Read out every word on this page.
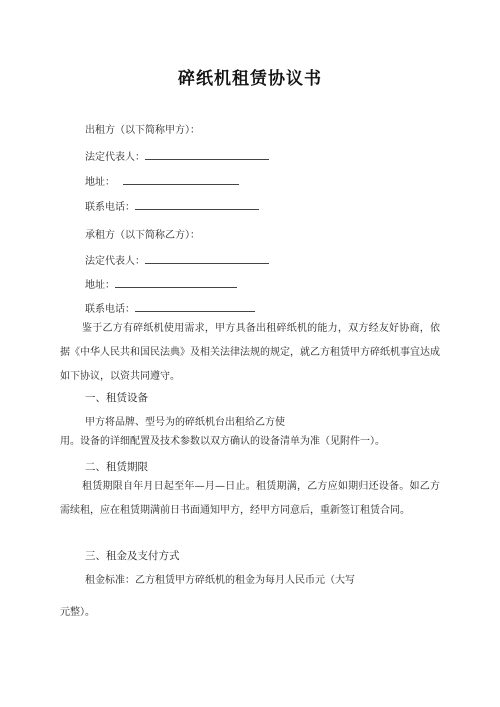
碎纸机租赁协议书
出租方（以下简称甲方）：
法定代表人：
地址：
联系电话：
承租方（以下简称乙方）：
法定代表人：
地址：
联系电话：
鉴于乙方有碎纸机使用需求，甲方具备出租碎纸机的能力，双方经友好协商，依据《中华人民共和国民法典》及相关法律法规的规定，就乙方租赁甲方碎纸机事宜达成如下协议，以资共同遵守。
一、租赁设备
甲方将品牌、型号为的碎纸机台出租给乙方使
用。设备的详细配置及技术参数以双方确认的设备清单为准（见附件一）。
二、租赁期限
租赁期限自年月日起至年—月—日止。租赁期满，乙方应如期归还设备。如乙方需续租，应在租赁期满前日书面通知甲方，经甲方同意后，重新签订租赁合同。
三、租金及支付方式
租金标准：乙方租赁甲方碎纸机的租金为每月人民币元（大写
元整）。
